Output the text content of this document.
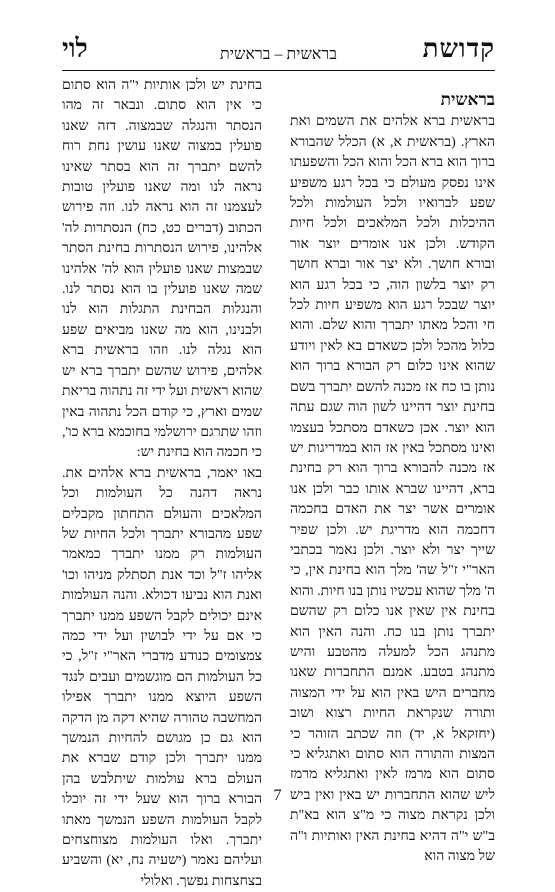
קדושת
בראשית – בראשית
לוי
בראשית

בראשית ברא אלהים את השמים ואת הארץ. (בראשית א, א) הכלל שהבורא ברוך הוא ברא הכל והוא הכל והשפעתו אינו נפסק מעולם כי בכל רגע משפיע שפע לברואיו ולכל העולמות ולכל ההיכלות ולכל המלאכים ולכל חיות הקודש. ולכן אנו אומרים יוצר אור ובורא חושך. ולא יצר אור וברא חושך רק יוצר בלשון הוה, כי בכל רגע הוא יוצר שבכל רגע הוא משפיע חיות לכל חי והכל מאתו יתברך והוא שלם. והוא כלול מהכל ולכן כשאדם בא לאין ויודע שהוא אינו כלום רק הבורא ברוך הוא נותן בו כח אז מכנה להשם יתברך בשם בחינת יוצר דהיינו לשון הוה שגם עתה הוא יוצר. אכן כשאדם מסתכל בעצמו ואינו מסתכל באין אז הוא במדריגות יש אז מכנה להבורא ברוך הוא רק בחינת ברא, דהיינו שברא אותו כבר ולכן אנו אומרים אשר יצר את האדם בחכמה דחכמה הוא מדריגת יש. ולכן שפיר שייך יצר ולא יוצר. ולכן נאמר בכתבי האר"י ז"ל שה' מלך הוא בחינת אין, כי ה' מלך שהוא עכשיו נותן בנו חיות. והוא בחינת אין שאין אנו כלום רק שהשם יתברך נותן בנו כח. והנה האין הוא מתנהג הכל למעלה מהטבע והיש מתנהג בטבע. אמנם התחברות שאנו מחברים היש באין הוא על ידי המצוה ותורה שנקראת החיות רצוא ושוב (יחזקאל א, יד) וזה שכתב הזוהר כי המצות והתורה הוא סתום ואתגליא כי סתום הוא מרמז לאין ואתגליא מרמז ליש שהוא התחברות יש באין ואין ביש ולכן נקראת מצוה כי מ"צ הוא בא"ת ב"ש י"ה דהיא בחינת האין ואותיות ו"ה של מצוה הוא

בחינת יש ולכן אותיות י"ה הוא סתום כי אין הוא סתום. ונבאר זה מהו הנסתר והנגלה שבמצוה. דזה שאנו פועלין במצוה שאנו עושין נחת רוח להשם יתברך זה הוא בסתר שאינו נראה לנו ומה שאנו פועלין טובות לעצמנו זה הוא נראה לנו. וזה פירוש הכתוב (דברים כט, כח) הנסתרות לה' אלהינו, פירוש הנסתרות בחינת הסתר שבמצות שאנו פועלין הוא לה' אלהינו שמה שאנו פועלין בו הוא נסתר לנו. והנגלות הבחינת התגלות הוא לנו ולבנינו, הוא מה שאנו מביאים שפע הוא נגלה לנו. וזהו בראשית ברא אלהים, פירוש שהשם יתברך ברא יש שהוא ראשית ועל ידי זה נתהוה בריאת שמים וארץ, כי קודם הכל נתהוה באין וזהו שתרגם ירושלמי בחוכמא ברא כו', כי חכמה הוא בחינת יש:

באו יאמר, בראשית ברא אלהים את. נראה דהנה כל העולמות וכל המלאכים והעולם התחתון מקבלים שפע מהבורא יתברך ולכל החיות של העולמות רק ממנו יתברך כמאמר אליהו ז"ל וכד אנת תסתלק מניהו וכו' ואנת הוא נביעו דכולא. והנה העולמות אינם יכולים לקבל השפע ממנו יתברך כי אם על ידי לבושין ועל ידי כמה צמצומים כנודע מדברי האר"י ז"ל, כי כל העולמות הם מוגשמים ועבים לנגד השפע היוצא ממנו יתברך אפילו המחשבה טהורה שהיא דקה מן הדקה הוא גם כן מגושם להחיות הנמשך ממנו יתברך ולכן קודם שברא את העולם ברא עולמות שיתלבש בהן הבורא ברוך הוא שעל ידי זה יוכלו לקבל העולמות השפע הנמשך מאתו יתברך. ואלו העולמות מצוחצחים ועליהם נאמר (ישעיה נח, יא) והשביע בצחצחות נפשך. ואלולי

7
